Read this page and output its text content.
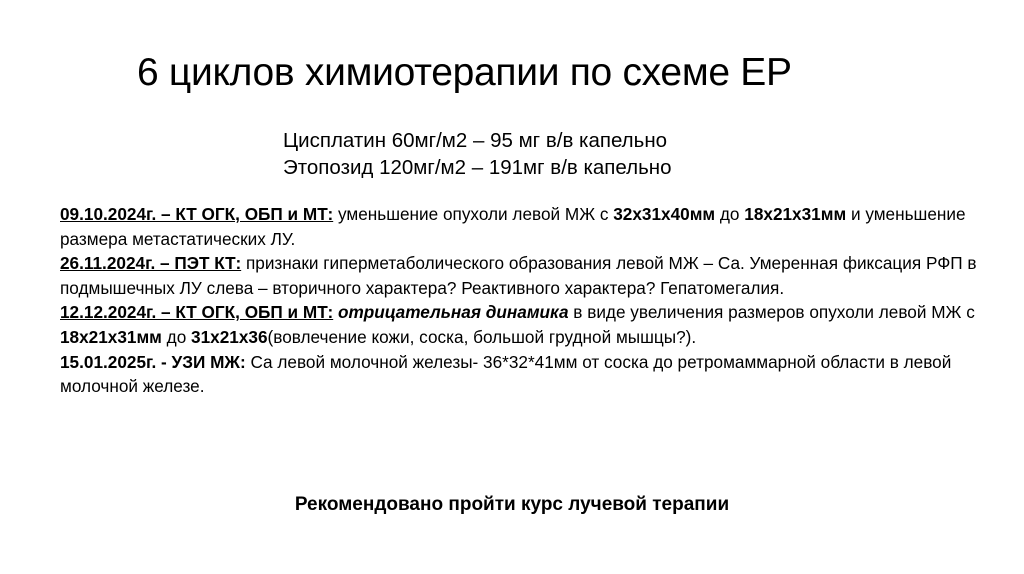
6 циклов химиотерапии по схеме ЕР
Цисплатин 60мг/м2 – 95 мг в/в капельно
Этопозид 120мг/м2 – 191мг в/в капельно
09.10.2024г. – КТ ОГК, ОБП и МТ: уменьшение опухоли левой МЖ с 32х31х40мм до 18х21х31мм и уменьшение размера метастатических ЛУ.
26.11.2024г. – ПЭТ КТ: признаки гиперметаболического образования левой МЖ – Са. Умеренная фиксация РФП в подмышечных ЛУ слева – вторичного характера? Реактивного характера? Гепатомегалия.
12.12.2024г. – КТ ОГК, ОБП и МТ: отрицательная динамика в виде увеличения размеров опухоли левой МЖ с 18х21х31мм до 31х21х36(вовлечение кожи, соска, большой грудной мышцы?).
15.01.2025г. - УЗИ МЖ: Са левой молочной железы- 36*32*41мм от соска до ретромаммарной области в левой молочной железе.
Рекомендовано пройти курс лучевой терапии
